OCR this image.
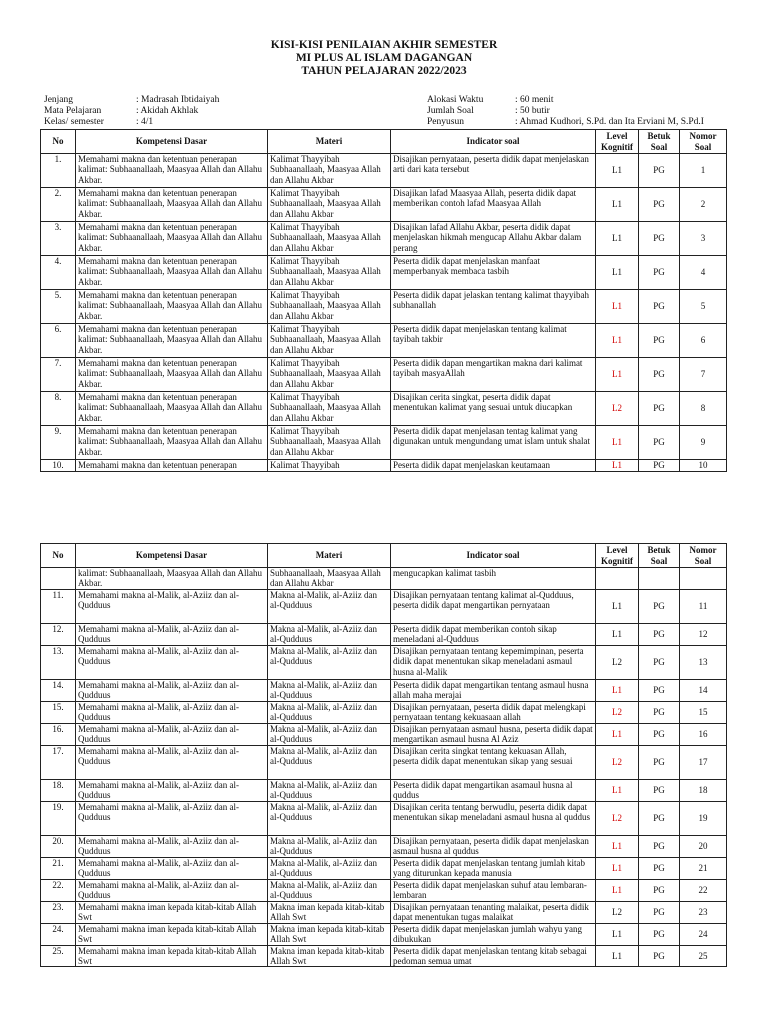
KISI-KISI PENILAIAN AKHIR SEMESTER
MI PLUS AL ISLAM DAGANGAN
TAHUN PELAJARAN 2022/2023
Jenjang	: Madrasah Ibtidaiyah
Mata Pelajaran	: Akidah Akhlak
Kelas/ semester	: 4/1
Alokasi Waktu	: 60 menit
Jumlah Soal	: 50 butir
Penyusun	: Ahmad Kudhori, S.Pd. dan Ita Erviani M, S.Pd.I
No	Kompetensi Dasar	Materi	Indicator soal	Level Kognitif	Betuk Soal	Nomor Soal
1.	Memahami makna dan ketentuan penerapan kalimat: Subhaanallaah, Maasyaa Allah dan Allahu Akbar.	Kalimat Thayyibah Subhaanallaah, Maasyaa Allah dan Allahu Akbar	Disajikan pernyataan, peserta didik dapat menjelaskan arti dari kata tersebut	L1	PG	1
2.	Memahami makna dan ketentuan penerapan kalimat: Subhaanallaah, Maasyaa Allah dan Allahu Akbar.	Kalimat Thayyibah Subhaanallaah, Maasyaa Allah dan Allahu Akbar	Disajikan lafad Maasyaa Allah, peserta didik dapat memberikan contoh lafad Maasyaa Allah	L1	PG	2
3.	Memahami makna dan ketentuan penerapan kalimat: Subhaanallaah, Maasyaa Allah dan Allahu Akbar.	Kalimat Thayyibah Subhaanallaah, Maasyaa Allah dan Allahu Akbar	Disajikan lafad Allahu Akbar, peserta didik dapat menjelaskan hikmah mengucap Allahu Akbar dalam perang	L1	PG	3
4.	Memahami makna dan ketentuan penerapan kalimat: Subhaanallaah, Maasyaa Allah dan Allahu Akbar.	Kalimat Thayyibah Subhaanallaah, Maasyaa Allah dan Allahu Akbar	Peserta didik dapat menjelaskan manfaat memperbanyak membaca tasbih	L1	PG	4
5.	Memahami makna dan ketentuan penerapan kalimat: Subhaanallaah, Maasyaa Allah dan Allahu Akbar.	Kalimat Thayyibah Subhaanallaah, Maasyaa Allah dan Allahu Akbar	Peserta didik dapat jelaskan tentang kalimat thayyibah subhanallah	L1	PG	5
6.	Memahami makna dan ketentuan penerapan kalimat: Subhaanallaah, Maasyaa Allah dan Allahu Akbar.	Kalimat Thayyibah Subhaanallaah, Maasyaa Allah dan Allahu Akbar	Peserta didik dapat menjelaskan tentang kalimat tayibah takbir	L1	PG	6
7.	Memahami makna dan ketentuan penerapan kalimat: Subhaanallaah, Maasyaa Allah dan Allahu Akbar.	Kalimat Thayyibah Subhaanallaah, Maasyaa Allah dan Allahu Akbar	Peserta didik dapan mengartikan makna dari kalimat tayibah masyaAllah	L1	PG	7
8.	Memahami makna dan ketentuan penerapan kalimat: Subhaanallaah, Maasyaa Allah dan Allahu Akbar.	Kalimat Thayyibah Subhaanallaah, Maasyaa Allah dan Allahu Akbar	Disajikan cerita singkat, peserta didik dapat menentukan kalimat yang sesuai untuk diucapkan	L2	PG	8
9.	Memahami makna dan ketentuan penerapan kalimat: Subhaanallaah, Maasyaa Allah dan Allahu Akbar.	Kalimat Thayyibah Subhaanallaah, Maasyaa Allah dan Allahu Akbar	Peserta didik dapat menjelasan tentag kalimat yang digunakan untuk mengundang umat islam untuk shalat	L1	PG	9
10.	Memahami makna dan ketentuan penerapan	Kalimat Thayyibah	Peserta didik dapat menjelaskan keutamaan	L1	PG	10
No	Kompetensi Dasar	Materi	Indicator soal	Level Kognitif	Betuk Soal	Nomor Soal
	kalimat: Subhaanallaah, Maasyaa Allah dan Allahu Akbar.	Subhaanallaah, Maasyaa Allah dan Allahu Akbar	mengucapkan kalimat tasbih			
11.	Memahami makna al-Malik, al-Aziiz dan al-Qudduus	Makna al-Malik, al-Aziiz dan al-Qudduus	Disajikan pernyataan tentang kalimat al-Qudduus, peserta didik dapat mengartikan pernyataan	L1	PG	11
12.	Memahami makna al-Malik, al-Aziiz dan al-Qudduus	Makna al-Malik, al-Aziiz dan al-Qudduus	Peserta didik dapat memberikan contoh sikap meneladani al-Qudduus	L1	PG	12
13.	Memahami makna al-Malik, al-Aziiz dan al-Qudduus	Makna al-Malik, al-Aziiz dan al-Qudduus	Disajikan pernyataan tentang kepemimpinan, peserta didik dapat menentukan sikap meneladani asmaul husna al-Malik	L2	PG	13
14.	Memahami makna al-Malik, al-Aziiz dan al-Qudduus	Makna al-Malik, al-Aziiz dan al-Qudduus	Peserta didik dapat mengartikan tentang asmaul husna allah maha merajai	L1	PG	14
15.	Memahami makna al-Malik, al-Aziiz dan al-Qudduus	Makna al-Malik, al-Aziiz dan al-Qudduus	Disajikan pernyataan, peserta didik dapat melengkapi pernyataan tentang kekuasaan allah	L2	PG	15
16.	Memahami makna al-Malik, al-Aziiz dan al-Qudduus	Makna al-Malik, al-Aziiz dan al-Qudduus	Disajikan pernyataan asmaul husna, peserta didik dapat mengartikan asmaul husna Al Aziz	L1	PG	16
17.	Memahami makna al-Malik, al-Aziiz dan al-Qudduus	Makna al-Malik, al-Aziiz dan al-Qudduus	Disajikan cerita singkat tentang kekuasan Allah, peserta didik dapat menentukan sikap yang sesuai	L2	PG	17
18.	Memahami makna al-Malik, al-Aziiz dan al-Qudduus	Makna al-Malik, al-Aziiz dan al-Qudduus	Peserta didik dapat mengartikan asamaul husna al quddus	L1	PG	18
19.	Memahami makna al-Malik, al-Aziiz dan al-Qudduus	Makna al-Malik, al-Aziiz dan al-Qudduus	Disajikan cerita tentang berwudlu, peserta didik dapat menentukan sikap meneladani asmaul husna al quddus	L2	PG	19
20.	Memahami makna al-Malik, al-Aziiz dan al-Qudduus	Makna al-Malik, al-Aziiz dan al-Qudduus	Disajikan pernyataan, peserta didik dapat menjelaskan asmaul husna al quddus	L1	PG	20
21.	Memahami makna al-Malik, al-Aziiz dan al-Qudduus	Makna al-Malik, al-Aziiz dan al-Qudduus	Peserta didik dapat menjelaskan tentang jumlah kitab yang diturunkan kepada manusia	L1	PG	21
22.	Memahami makna al-Malik, al-Aziiz dan al-Qudduus	Makna al-Malik, al-Aziiz dan al-Qudduus	Peserta didik dapat menjelaskan suhuf atau lembaran-lembaran	L1	PG	22
23.	Memahami makna iman kepada kitab-kitab Allah Swt	Makna iman kepada kitab-kitab Allah Swt	Disajikan pernyataan tenanting malaikat, peserta didik dapat menentukan tugas malaikat	L2	PG	23
24.	Memahami makna iman kepada kitab-kitab Allah Swt	Makna iman kepada kitab-kitab Allah Swt	Peserta didik dapat menjelaskan jumlah wahyu yang dibukukan	L1	PG	24
25.	Memahami makna iman kepada kitab-kitab Allah Swt	Makna iman kepada kitab-kitab Allah Swt	Peserta didik dapat menjelaskan tentang kitab sebagai pedoman semua umat	L1	PG	25
